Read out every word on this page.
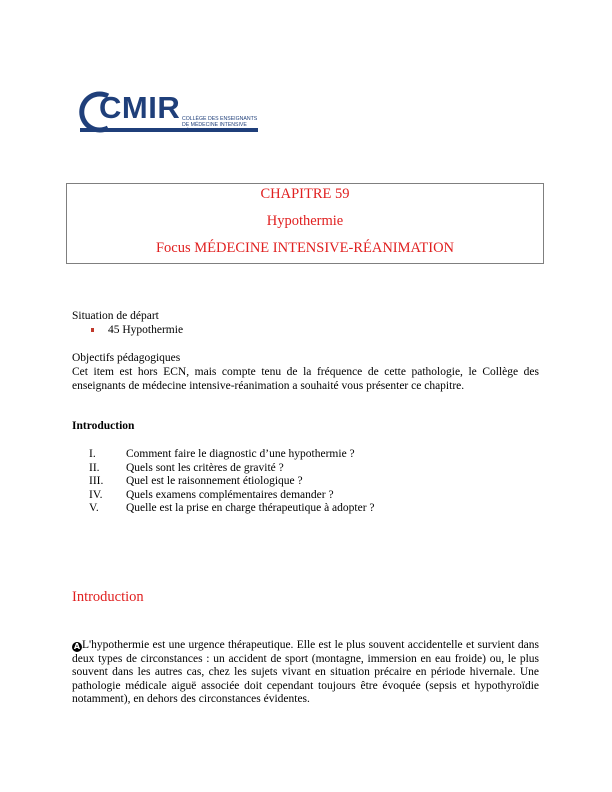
CMIR COLLÈGE DES ENSEIGNANTS
DE MÉDECINE INTENSIVE
CHAPITRE 59
Hypothermie
Focus MÉDECINE INTENSIVE-RÉANIMATION
Situation de départ
45 Hypothermie
Objectifs pédagogiques
Cet item est hors ECN, mais compte tenu de la fréquence de cette pathologie, le Collège des enseignants de médecine intensive-réanimation a souhaité vous présenter ce chapitre.
Introduction
I.	Comment faire le diagnostic d’une hypothermie ?
II. Quels sont les critères de gravité ?
III. Quel est le raisonnement étiologique ?
IV. Quels examens complémentaires demander ?
V. Quelle est la prise en charge thérapeutique à adopter ?
Introduction
A L'hypothermie est une urgence thérapeutique. Elle est le plus souvent accidentelle et survient dans deux types de circonstances : un accident de sport (montagne, immersion en eau froide) ou, le plus souvent dans les autres cas, chez les sujets vivant en situation précaire en période hivernale. Une pathologie médicale aiguë associée doit cependant toujours être évoquée (sepsis et hypothyroïdie notamment), en dehors des circonstances évidentes.
